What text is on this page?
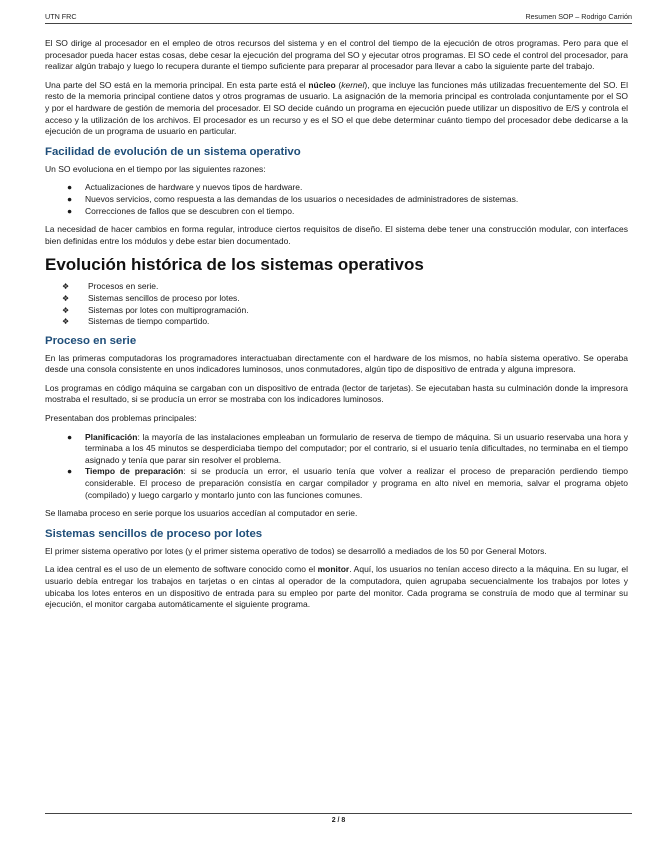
UTN FRC	Resumen SOP – Rodrigo Carrión

El SO dirige al procesador en el empleo de otros recursos del sistema y en el control del tiempo de la ejecución de otros programas. Pero para que el procesador pueda hacer estas cosas, debe cesar la ejecución del programa del SO y ejecutar otros programas. El SO cede el control del procesador, para realizar algún trabajo y luego lo recupera durante el tiempo suficiente para preparar al procesador para llevar a cabo la siguiente parte del trabajo.

Una parte del SO está en la memoria principal. En esta parte está el núcleo (kernel), que incluye las funciones más utilizadas frecuentemente del SO. El resto de la memoria principal contiene datos y otros programas de usuario. La asignación de la memoria principal es controlada conjuntamente por el SO y por el hardware de gestión de memoria del procesador. El SO decide cuándo un programa en ejecución puede utilizar un dispositivo de E/S y controla el acceso y la utilización de los archivos. El procesador es un recurso y es el SO el que debe determinar cuánto tiempo del procesador debe dedicarse a la ejecución de un programa de usuario en particular.

Facilidad de evolución de un sistema operativo

Un SO evoluciona en el tiempo por las siguientes razones:

● Actualizaciones de hardware y nuevos tipos de hardware.
● Nuevos servicios, como respuesta a las demandas de los usuarios o necesidades de administradores de sistemas.
● Correcciones de fallos que se descubren con el tiempo.

La necesidad de hacer cambios en forma regular, introduce ciertos requisitos de diseño. El sistema debe tener una construcción modular, con interfaces bien definidas entre los módulos y debe estar bien documentado.

Evolución histórica de los sistemas operativos
❖ Procesos en serie.
❖ Sistemas sencillos de proceso por lotes.
❖ Sistemas por lotes con multiprogramación.
❖ Sistemas de tiempo compartido.
Proceso en serie

En las primeras computadoras los programadores interactuaban directamente con el hardware de los mismos, no había sistema operativo. Se operaba desde una consola consistente en unos indicadores luminosos, unos conmutadores, algún tipo de dispositivo de entrada y alguna impresora.

Los programas en código máquina se cargaban con un dispositivo de entrada (lector de tarjetas). Se ejecutaban hasta su culminación donde la impresora mostraba el resultado, si se producía un error se mostraba con los indicadores luminosos.

Presentaban dos problemas principales:

● Planificación: la mayoría de las instalaciones empleaban un formulario de reserva de tiempo de máquina. Si un usuario reservaba una hora y terminaba a los 45 minutos se desperdiciaba tiempo del computador; por el contrario, si el usuario tenía dificultades, no terminaba en el tiempo asignado y tenía que parar sin resolver el problema.
● Tiempo de preparación: si se producía un error, el usuario tenía que volver a realizar el proceso de preparación perdiendo tiempo considerable. El proceso de preparación consistía en cargar compilador y programa en alto nivel en memoria, salvar el programa objeto (compilado) y luego cargarlo y montarlo junto con las funciones comunes.

Se llamaba proceso en serie porque los usuarios accedían al computador en serie.

Sistemas sencillos de proceso por lotes

El primer sistema operativo por lotes (y el primer sistema operativo de todos) se desarrolló a mediados de los 50 por General Motors.

La idea central es el uso de un elemento de software conocido como el monitor. Aquí, los usuarios no tenían acceso directo a la máquina. En su lugar, el usuario debía entregar los trabajos en tarjetas o en cintas al operador de la computadora, quien agrupaba secuencialmente los trabajos por lotes y ubicaba los lotes enteros en un dispositivo de entrada para su empleo por parte del monitor. Cada programa se construía de modo que al terminar su ejecución, el monitor cargaba automáticamente el siguiente programa.

2 / 8
